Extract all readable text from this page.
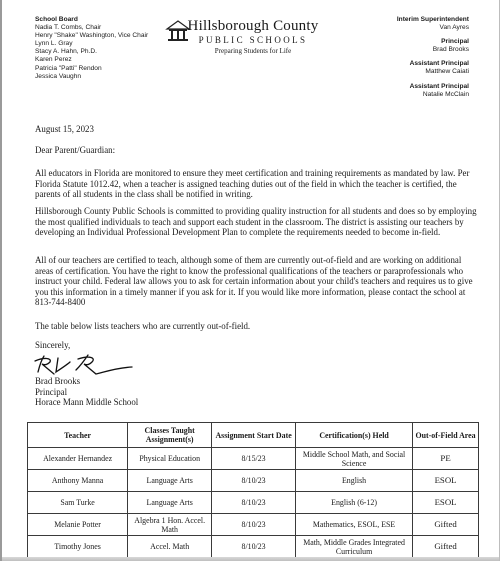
School Board
Nadia T. Combs, Chair
Henry "Shake" Washington, Vice Chair
Lynn L. Gray
Stacy A. Hahn, Ph.D.
Karen Perez
Patricia "Patti" Rendon
Jessica Vaughn
Hillsborough County
PUBLIC SCHOOLS
Preparing Students for Life
Interim Superintendent
Van Ayres
Principal
Brad Brooks
Assistant Principal
Matthew Caiati
Assistant Principal
Natalie McClain
August 15, 2023
Dear Parent/Guardian:
All educators in Florida are monitored to ensure they meet certification and training requirements as mandated by law. Per Florida Statute 1012.42, when a teacher is assigned teaching duties out of the field in which the teacher is certified, the parents of all students in the class shall be notified in writing.
Hillsborough County Public Schools is committed to providing quality instruction for all students and does so by employing the most qualified individuals to teach and support each student in the classroom. The district is assisting our teachers by developing an Individual Professional Development Plan to complete the requirements needed to become in-field.
All of our teachers are certified to teach, although some of them are currently out-of-field and are working on additional areas of certification. You have the right to know the professional qualifications of the teachers or paraprofessionals who instruct your child. Federal law allows you to ask for certain information about your child's teachers and requires us to give you this information in a timely manner if you ask for it. If you would like more information, please contact the school at 813-744-8400
The table below lists teachers who are currently out-of-field.
Sincerely,
Brad Brooks
Principal
Horace Mann Middle School
Teacher	Classes Taught Assignment(s)	Assignment Start Date	Certification(s) Held	Out-of-Field Area
Alexander Hernandez	Physical Education	8/15/23	Middle School Math, and Social Science	PE
Anthony Manna	Language Arts	8/10/23	English	ESOL
Sam Turke	Language Arts	8/10/23	English (6-12)	ESOL
Melanie Potter	Algebra 1 Hon. Accel. Math	8/10/23	Mathematics, ESOL, ESE	Gifted
Timothy Jones	Accel. Math	8/10/23	Math, Middle Grades Integrated Curriculum	Gifted
